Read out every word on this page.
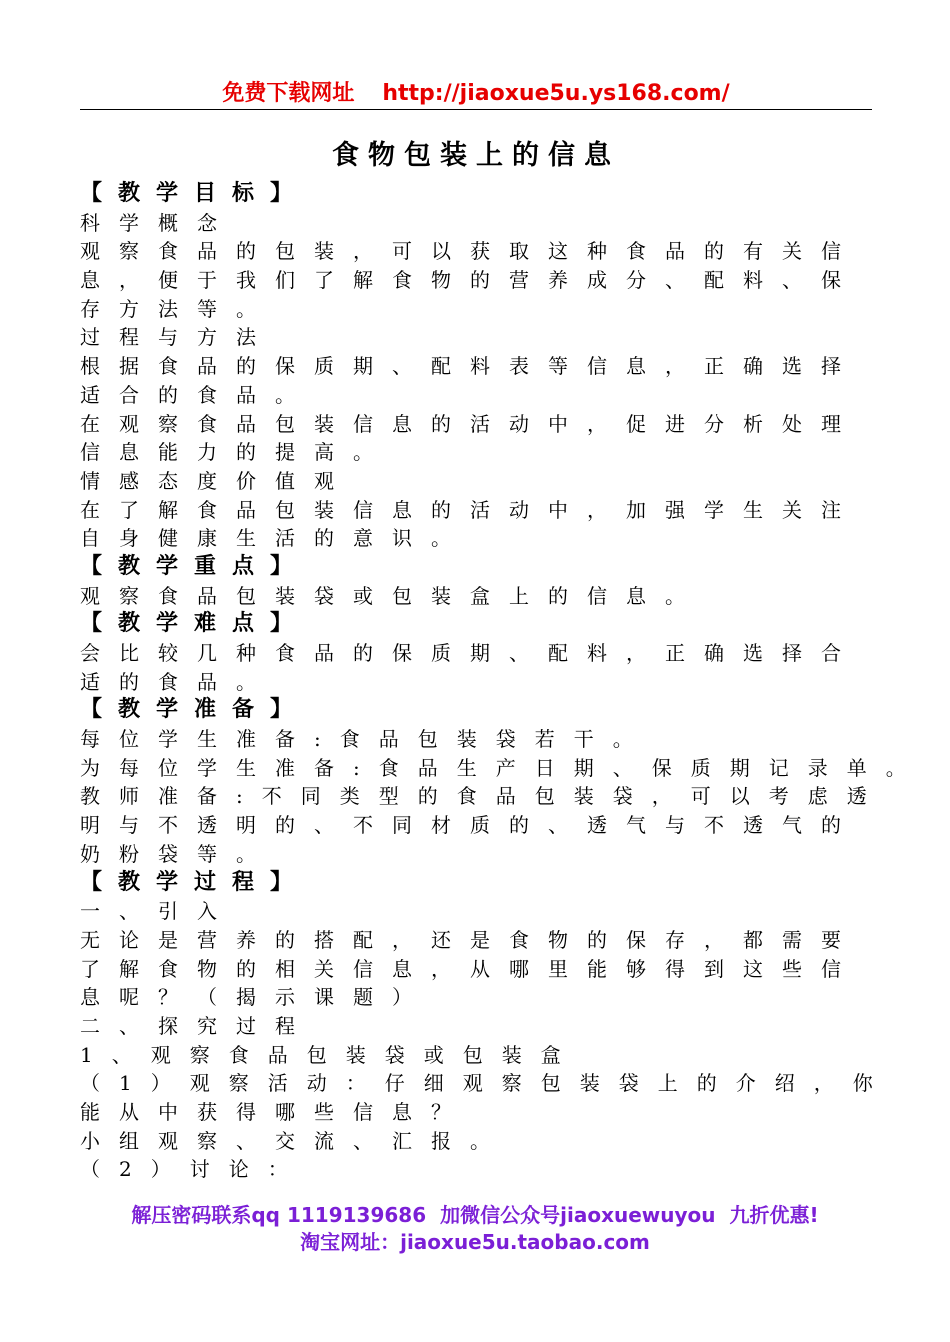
免费下载网址 http://jiaoxue5u.ys168.com/
食物包装上的信息
【教学目标】
科学概念
观察食品的包装，可以获取这种食品的有关信
息，便于我们了解食物的营养成分、配料、保
存方法等。
过程与方法
根据食品的保质期、配料表等信息，正确选择
适合的食品。
在观察食品包装信息的活动中，促进分析处理
信息能力的提高。
情感态度价值观
在了解食品包装信息的活动中，加强学生关注
自身健康生活的意识。
【教学重点】
观察食品包装袋或包装盒上的信息。
【教学难点】
会比较几种食品的保质期、配料，正确选择合
适的食品。
【教学准备】
每位学生准备:食品包装袋若干。
为每位学生准备:食品生产日期、保质期记录单。
教师准备:不同类型的食品包装袋，可以考虑透
明与不透明的、不同材质的、透气与不透气的
奶粉袋等。
【教学过程】
一、引入
无论是营养的搭配，还是食物的保存，都需要
了解食物的相关信息，从哪里能够得到这些信
息呢？（揭示课题）
二、探究过程
1、观察食品包装袋或包装盒
（1）观察活动：仔细观察包装袋上的介绍，你
能从中获得哪些信息？
小组观察、交流、汇报。
（2）讨论：
解压密码联系qq 1119139686 加微信公众号jiaoxuewuyou 九折优惠!
淘宝网址：jiaoxue5u.taobao.com
